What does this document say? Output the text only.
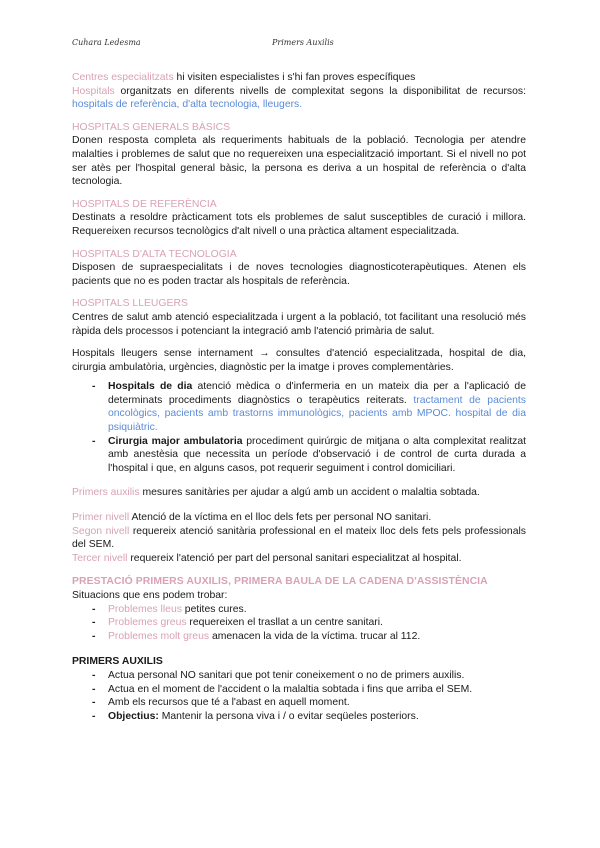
Cuhara Ledesma	Primers Auxilis

Centres especialitzats hi visiten especialistes i s'hi fan proves específiques

Hospitals organitzats en diferents nivells de complexitat segons la disponibilitat de recursos: hospitals de referència, d'alta tecnologia, lleugers.

HOSPITALS GENERALS BÀSICS

Donen resposta completa als requeriments habituals de la població. Tecnologia per atendre malalties i problemes de salut que no requereixen una especialització important. Si el nivell no pot ser atès per l'hospital general bàsic, la persona es deriva a un hospital de referència o d'alta tecnologia.

HOSPITALS DE REFERÈNCIA

Destinats a resoldre pràcticament tots els problemes de salut susceptibles de curació i millora. Requereixen recursos tecnològics d'alt nivell o una pràctica altament especialitzada.

HOSPITALS D'ALTA TECNOLOGIA

Disposen de supraespecialitats i de noves tecnologies diagnosticoterapèutiques. Atenen els pacients que no es poden tractar als hospitals de referència.

HOSPITALS LLEUGERS

Centres de salut amb atenció especialitzada i urgent a la població, tot facilitant una resolució més ràpida dels processos i potenciant la integració amb l'atenció primària de salut.

Hospitals lleugers sense internament → consultes d'atenció especialitzada, hospital de dia, cirurgia ambulatòria, urgències, diagnòstic per la imatge i proves complementàries.

- Hospitals de dia atenció mèdica o d'infermeria en un mateix dia per a l'aplicació de determinats procediments diagnòstics o terapèutics reiterats. tractament de pacients oncològics, pacients amb trastorns immunològics, pacients amb MPOC. hospital de dia psiquiàtric.
- Cirurgia major ambulatoria procediment quirúrgic de mitjana o alta complexitat realitzat amb anestèsia que necessita un període d'observació i de control de curta durada a l'hospital i que, en alguns casos, pot requerir seguiment i control domiciliari.

Primers auxilis mesures sanitàries per ajudar a algú amb un accident o malaltia sobtada.

Primer nivell Atenció de la víctima en el lloc dels fets per personal NO sanitari.

Segon nivell requereix atenció sanitària professional en el mateix lloc dels fets pels professionals del SEM.

Tercer nivell requereix l'atenció per part del personal sanitari especialitzat al hospital.

PRESTACIÓ PRIMERS AUXILIS, PRIMERA BAULA DE LA CADENA D'ASSISTÈNCIA

Situacions que ens podem trobar:

- Problemes lleus petites cures.
- Problemes greus requereixen el trasllat a un centre sanitari.
- Problemes molt greus amenacen la vida de la víctima. trucar al 112.

PRIMERS AUXILIS

- Actua personal NO sanitari que pot tenir coneixement o no de primers auxilis.
- Actua en el moment de l'accident o la malaltia sobtada i fins que arriba el SEM.
- Amb els recursos que té a l'abast en aquell moment.
- Objectius: Mantenir la persona viva i / o evitar seqüeles posteriors.
